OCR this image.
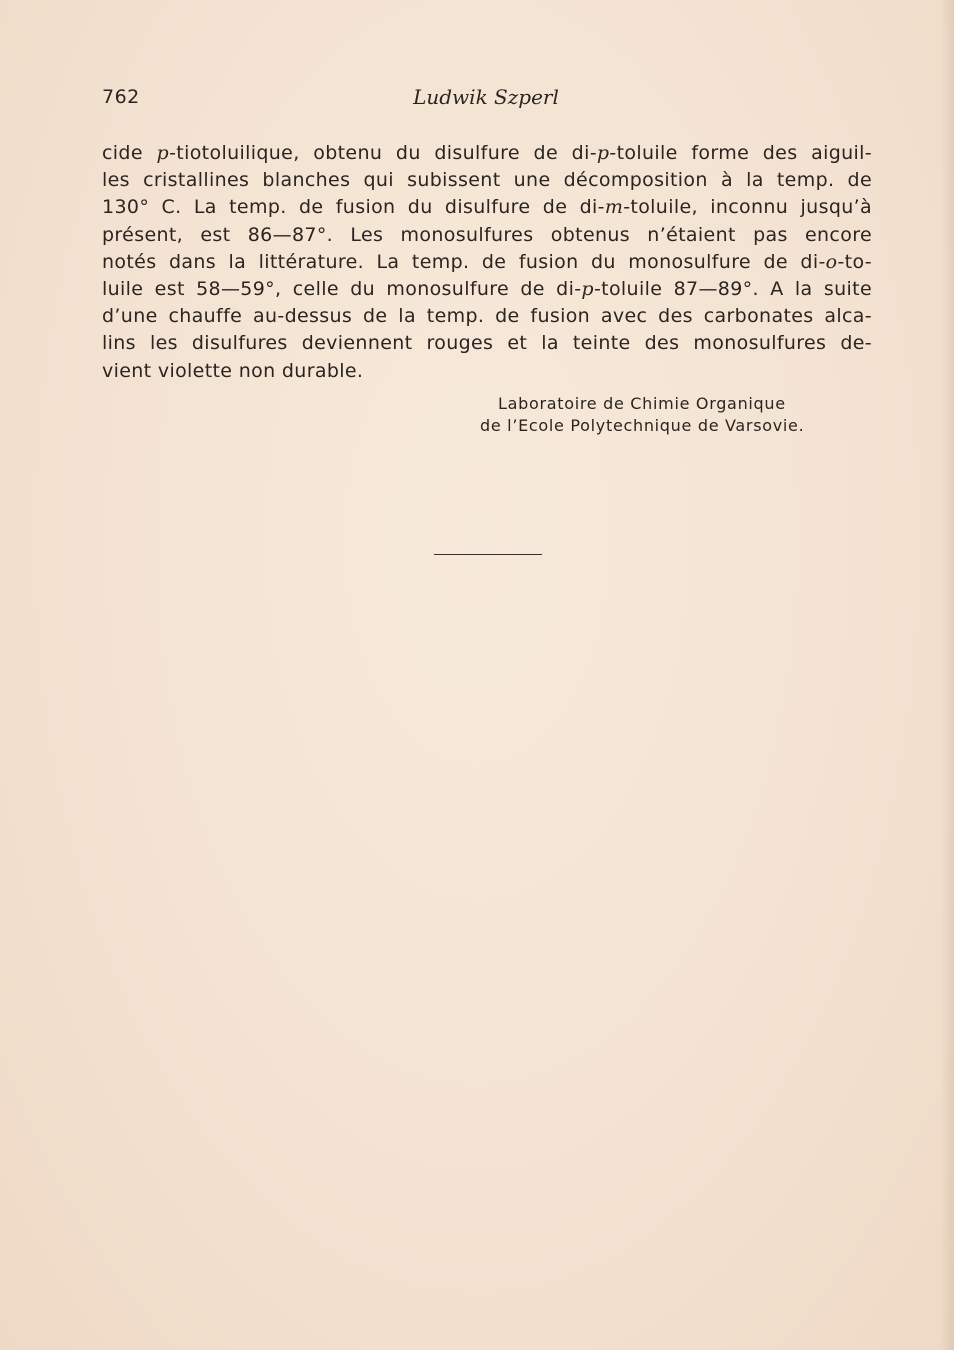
762	Ludwik Szperl
cide p-tiotoluilique, obtenu du disulfure de di-p-toluile forme des aiguil-
les cristallines blanches qui subissent une décomposition à la temp. de
130° C. La temp. de fusion du disulfure de di-m-toluile, inconnu jusqu’à
présent, est 86—87°. Les monosulfures obtenus n’étaient pas encore
notés dans la littérature. La temp. de fusion du monosulfure de di-o-to-
luile est 58—59°, celle du monosulfure de di-p-toluile 87—89°. A la suite
d’une chauffe au-dessus de la temp. de fusion avec des carbonates alca-
lins les disulfures deviennent rouges et la teinte des monosulfures de-
vient violette non durable.
Laboratoire de Chimie Organique
de l’Ecole Polytechnique de Varsovie.
